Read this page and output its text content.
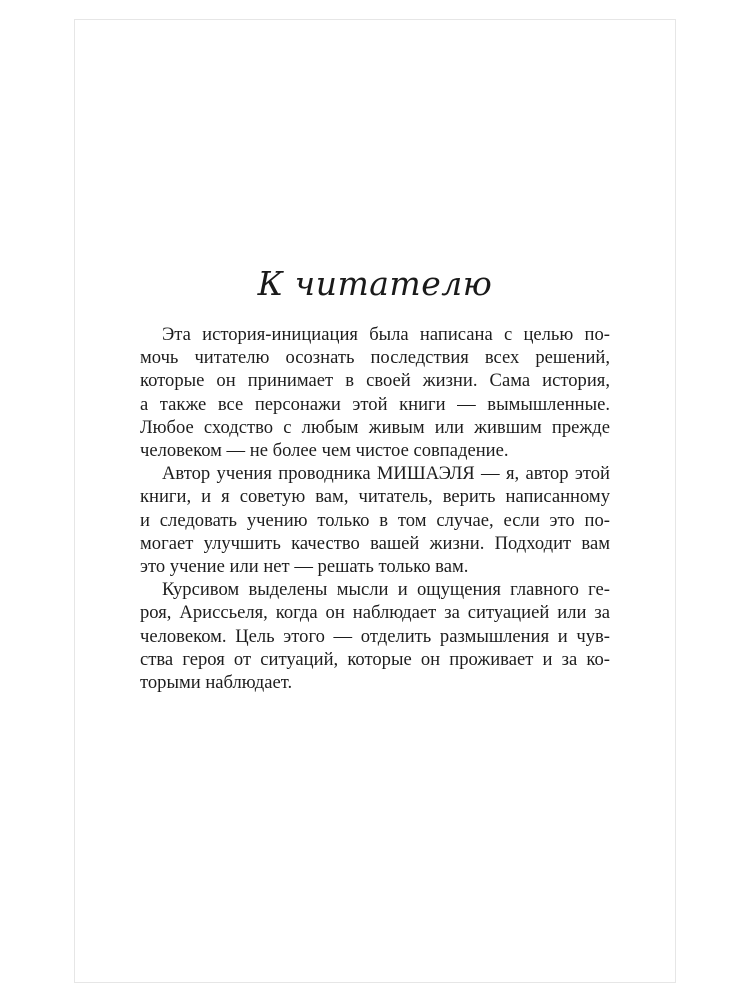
К читателю
Эта история-инициация была написана с целью по-
мочь читателю осознать последствия всех решений,
которые он принимает в своей жизни. Сама история,
а также все персонажи этой книги — вымышленные.
Любое сходство с любым живым или жившим прежде
человеком — не более чем чистое совпадение.
Автор учения проводника МИШАЭЛЯ — я, автор этой
книги, и я советую вам, читатель, верить написанному
и следовать учению только в том случае, если это по-
могает улучшить качество вашей жизни. Подходит вам
это учение или нет — решать только вам.
Курсивом выделены мысли и ощущения главного ге-
роя, Ариссьеля, когда он наблюдает за ситуацией или за
человеком. Цель этого — отделить размышления и чув-
ства героя от ситуаций, которые он проживает и за ко-
торыми наблюдает.
